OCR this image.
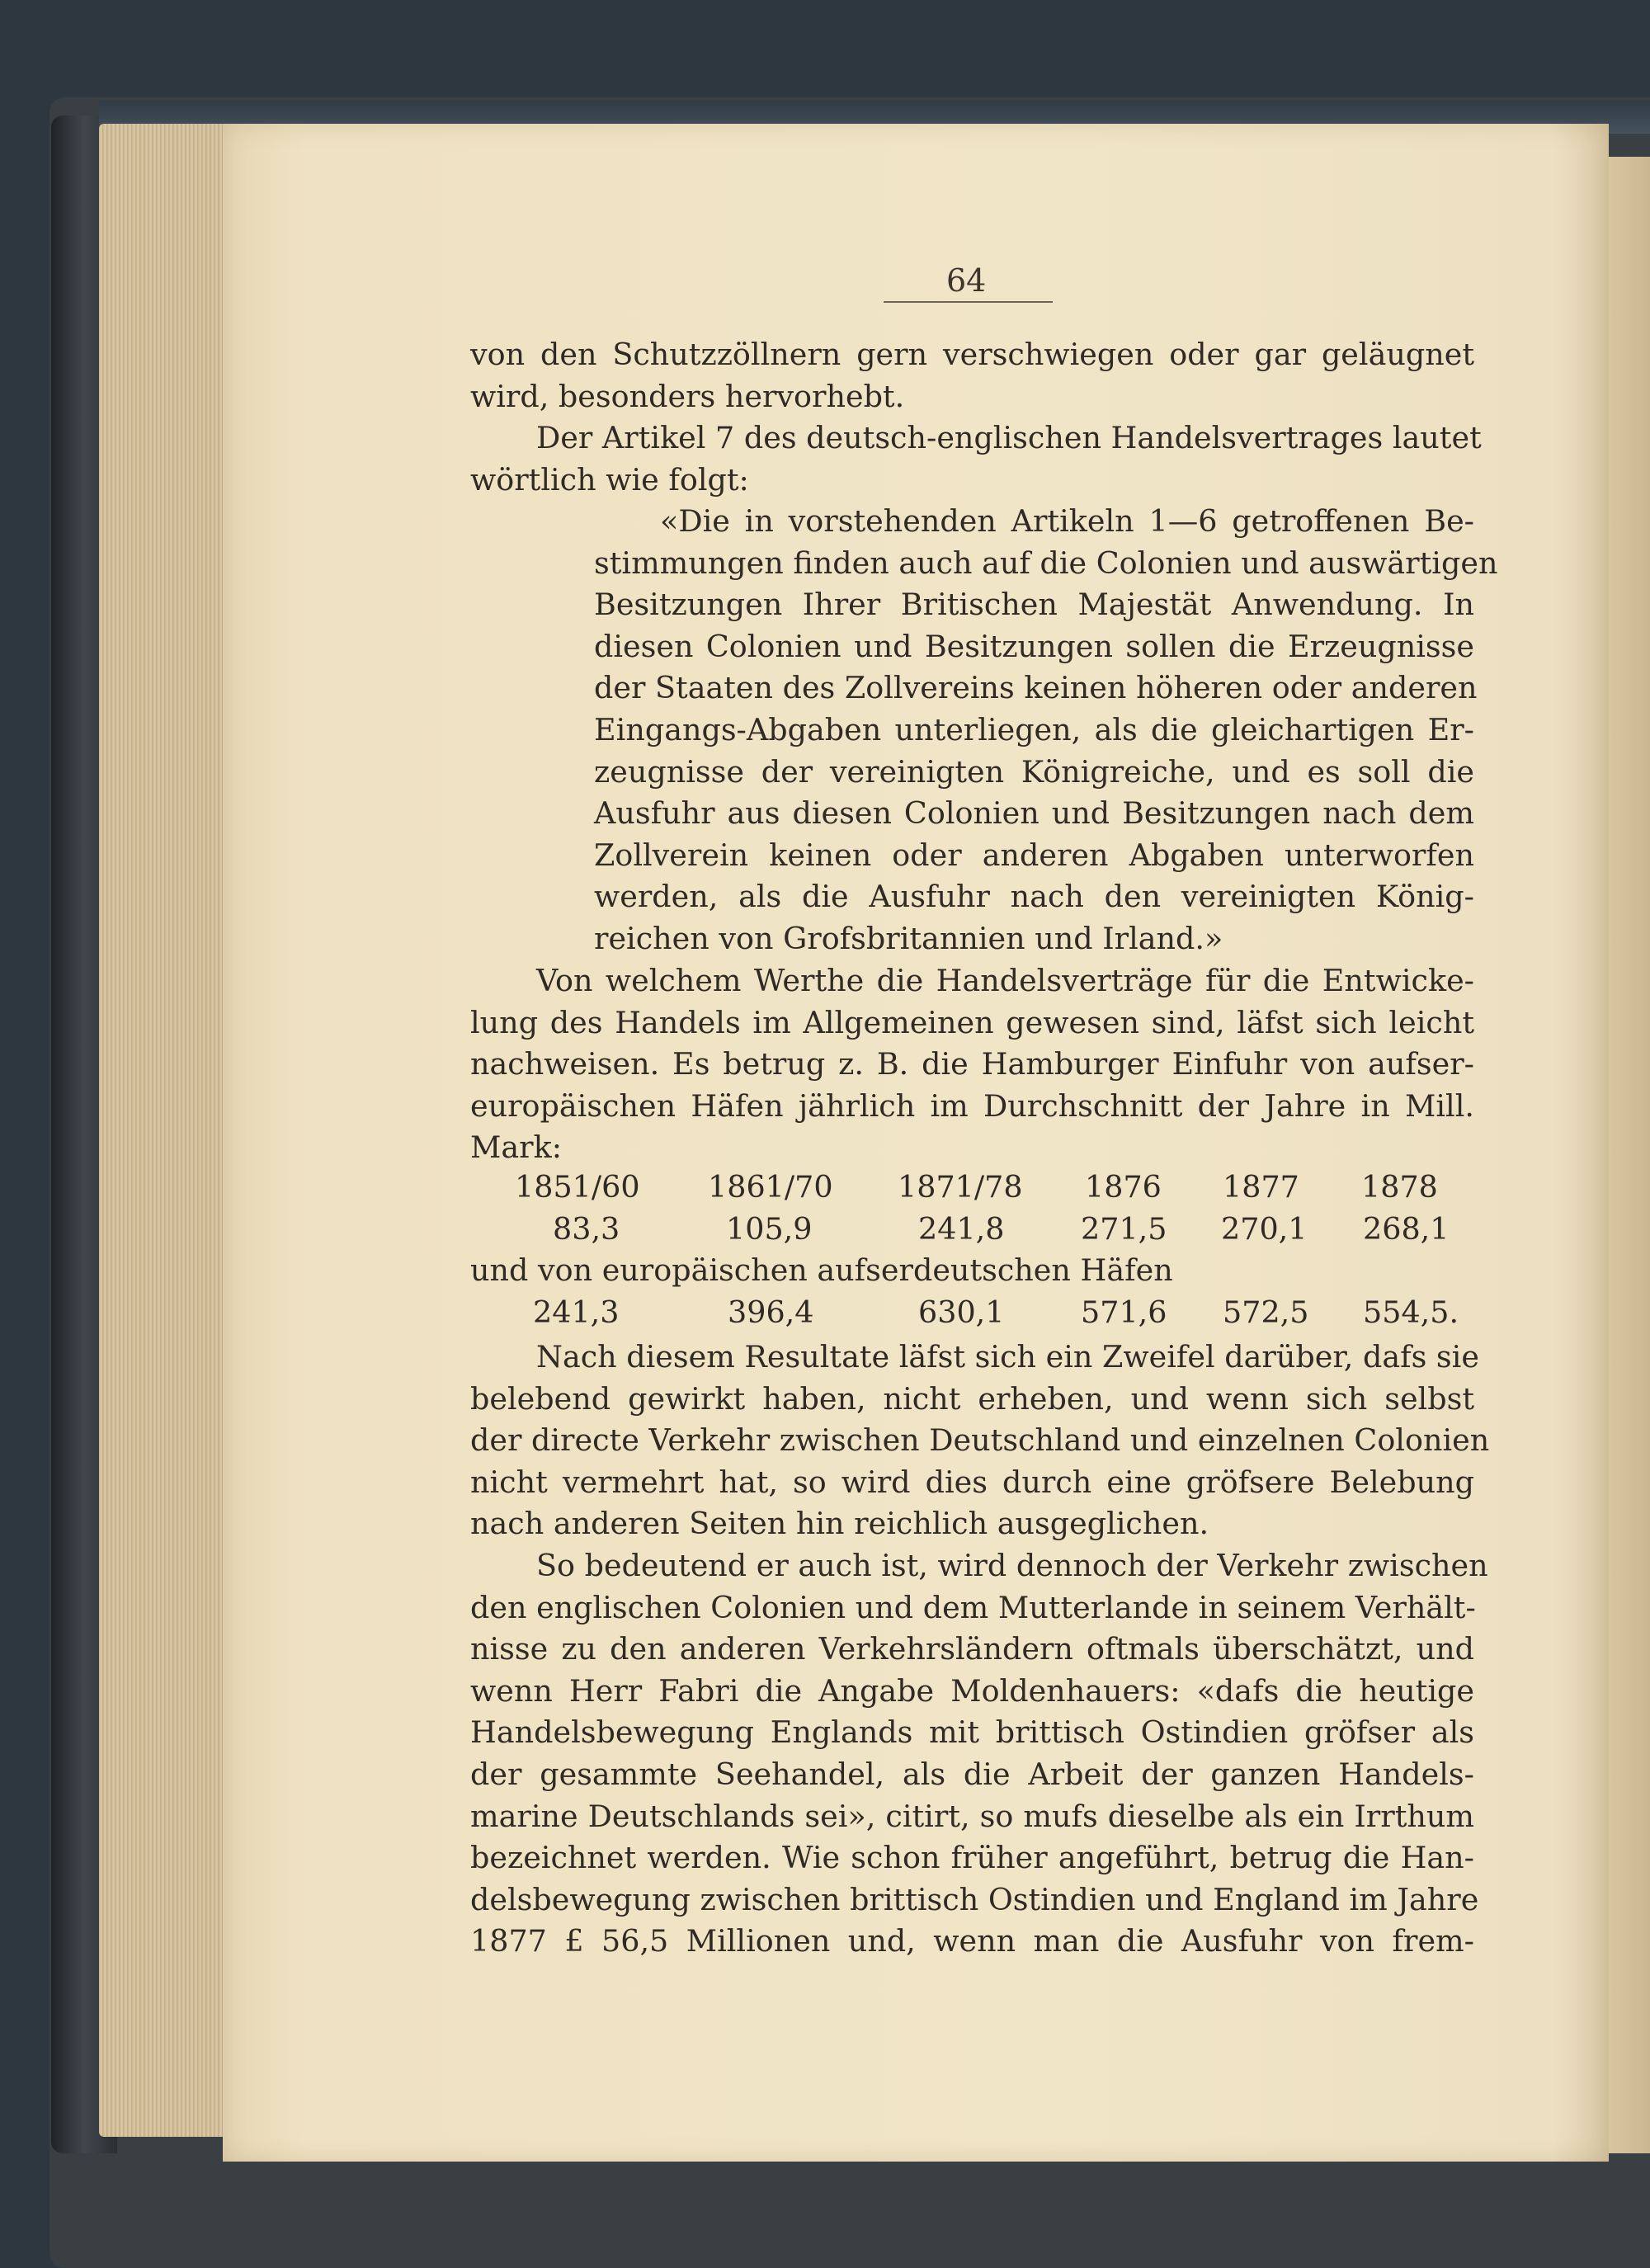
64
von den Schutzzöllnern gern verschwiegen oder gar geläugnet
wird, besonders hervorhebt.
Der Artikel 7 des deutsch-englischen Handelsvertrages lautet
wörtlich wie folgt:
«Die in vorstehenden Artikeln 1—6 getroffenen Be-
stimmungen finden auch auf die Colonien und auswärtigen
Besitzungen Ihrer Britischen Majestät Anwendung. In
diesen Colonien und Besitzungen sollen die Erzeugnisse
der Staaten des Zollvereins keinen höheren oder anderen
Eingangs-Abgaben unterliegen, als die gleichartigen Er-
zeugnisse der vereinigten Königreiche, und es soll die
Ausfuhr aus diesen Colonien und Besitzungen nach dem
Zollverein keinen oder anderen Abgaben unterworfen
werden, als die Ausfuhr nach den vereinigten König-
reichen von Grofsbritannien und Irland.»
Von welchem Werthe die Handelsverträge für die Entwicke-
lung des Handels im Allgemeinen gewesen sind, läfst sich leicht
nachweisen. Es betrug z. B. die Hamburger Einfuhr von aufser-
europäischen Häfen jährlich im Durchschnitt der Jahre in Mill.
Mark:
1851/60 1861/70 1871/78 1876 1877 1878
83,3	105,9	241,8	271,5 270,1 268,1
und von europäischen aufserdeutschen Häfen
241,3	396,4	630,1	571,6 572,5 554,5.
Nach diesem Resultate läfst sich ein Zweifel darüber, dafs sie
belebend gewirkt haben, nicht erheben, und wenn sich selbst
der directe Verkehr zwischen Deutschland und einzelnen Colonien
nicht vermehrt hat, so wird dies durch eine gröfsere Belebung
nach anderen Seiten hin reichlich ausgeglichen.
So bedeutend er auch ist, wird dennoch der Verkehr zwischen
den englischen Colonien und dem Mutterlande in seinem Verhält-
nisse zu den anderen Verkehrsländern oftmals überschätzt, und
wenn Herr Fabri die Angabe Moldenhauers: «dafs die heutige
Handelsbewegung Englands mit brittisch Ostindien gröfser als
der gesammte Seehandel, als die Arbeit der ganzen Handels-
marine Deutschlands sei», citirt, so mufs dieselbe als ein Irrthum
bezeichnet werden. Wie schon früher angeführt, betrug die Han-
delsbewegung zwischen brittisch Ostindien und England im Jahre
1877 £ 56,5 Millionen und, wenn man die Ausfuhr von frem-
